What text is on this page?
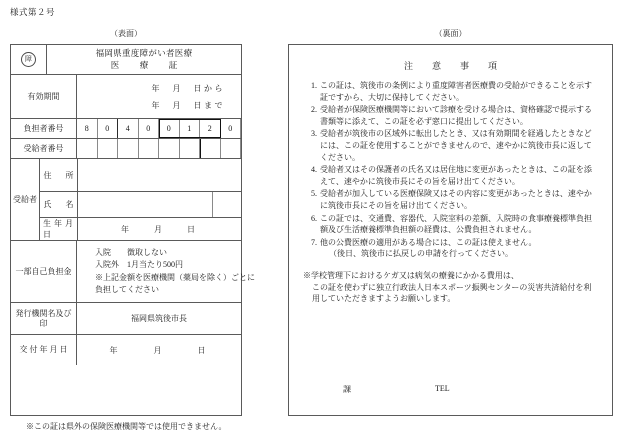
様式第２号
（表面）	（裏面）
障
福岡県重度障がい者医療
医　療　証
有効期間
年　月　日から
年　月　日まで
負担者番号	8	0	4	0	0	1	2	0
受給者番号
受給者
住　所
氏　名
生年月日
年　　月　　日
一部自己負担金
入院　　徴取しない
入院外　1月当たり500円
※上記金額を医療機関（薬局を除く）ごとに
負担してください
発行機関名及び
印	福岡県筑後市長
交 付 年 月 日	年　　　月　　　日
※この証は県外の保険医療機関等では使用できません。
注　意　事　項
1. この証は、筑後市の条例により重度障害者医療費の受給ができることを示す証ですから、大切に保持してください。
2. 受給者が保険医療機関等において診療を受ける場合は、資格確認で提示する書類等に添えて、この証を必ず窓口に提出してください。
3. 受給者が筑後市の区域外に転出したとき、又は有効期間を経過したときなどには、この証を使用することができませんので、速やかに筑後市長に返してください。
4. 受給者又はその保護者の氏名又は居住地に変更があったときは、この証を添えて、速やかに筑後市長にその旨を届け出てください。
5. 受給者が加入している医療保険又はその内容に変更があったときは、速やかに筑後市長にその旨を届け出てください。
6. この証では、交通費、容器代、入院室料の差額、入院時の食事療養標準負担額及び生活療養標準負担額の経費は、公費負担されません。
7. 他の公費医療の適用がある場合には、この証は使えません。
（後日、筑後市に払戻しの申請を行ってください。
※学校管理下におけるケガ又は病気の療養にかかる費用は、
この証を使わずに独立行政法人日本スポーツ振興センターの災害共済給付を利用していただきますようお願いします。
課	TEL
